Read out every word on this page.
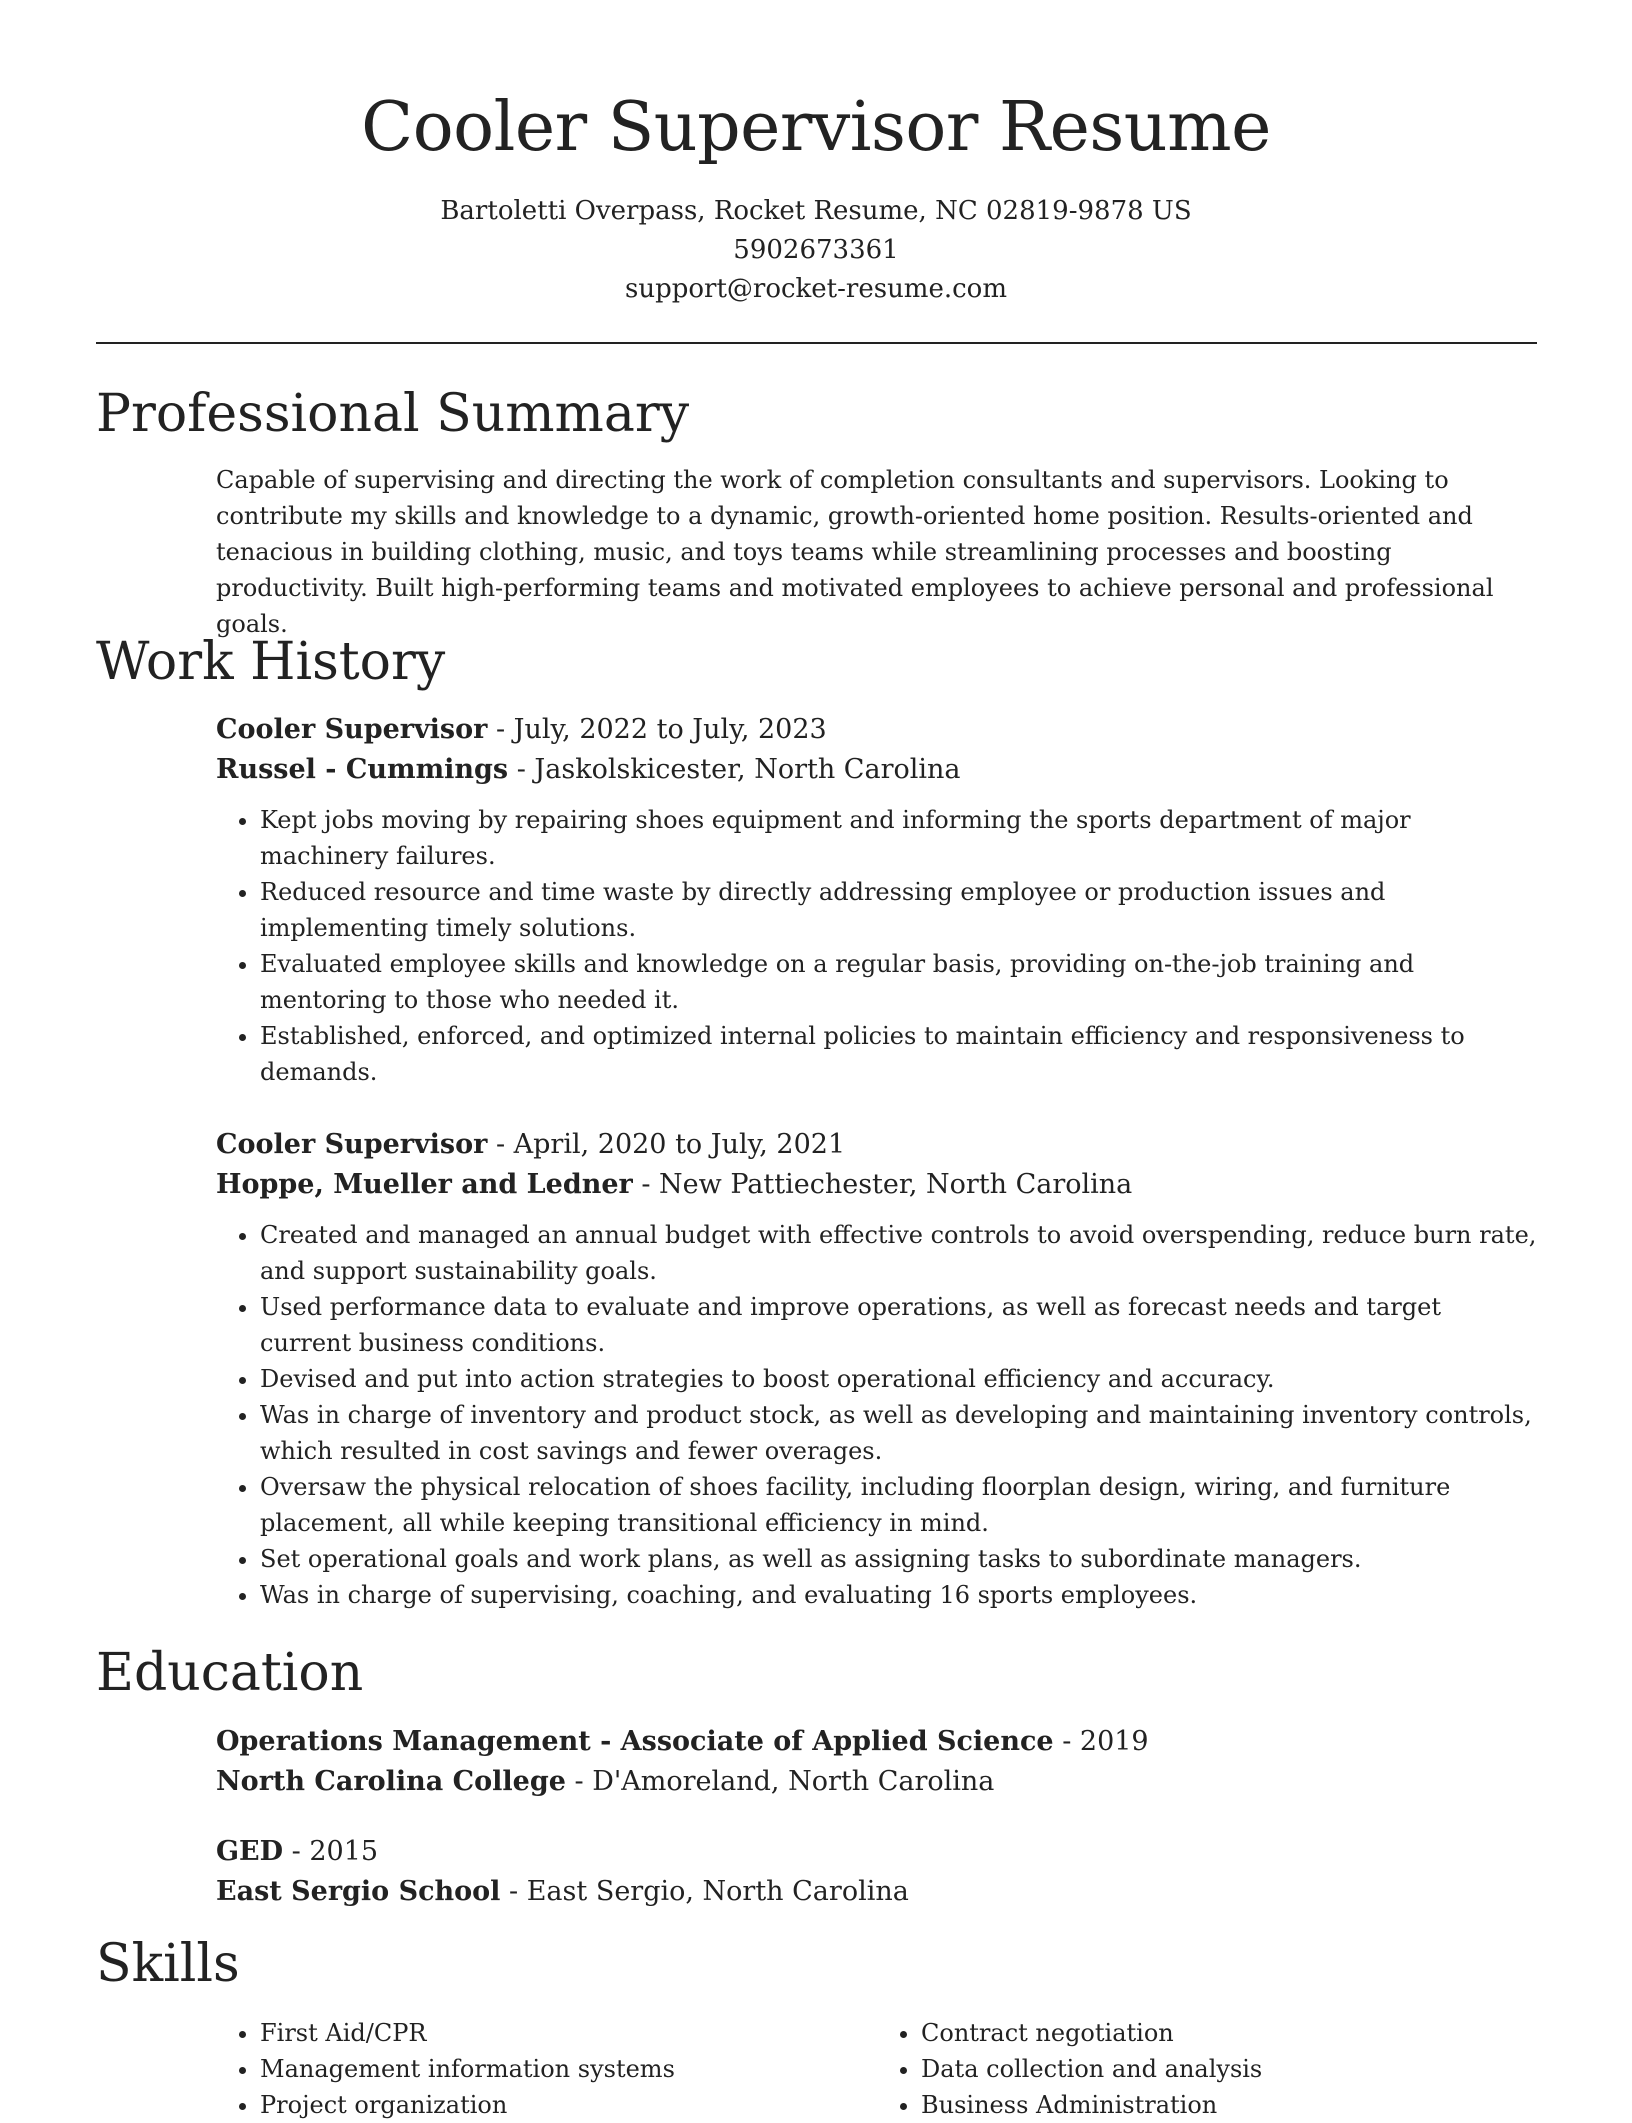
Cooler Supervisor Resume
Bartoletti Overpass, Rocket Resume, NC 02819-9878 US
5902673361
support@rocket-resume.com
Professional Summary
Capable of supervising and directing the work of completion consultants and supervisors. Looking to contribute my skills and knowledge to a dynamic, growth-oriented home position. Results-oriented and tenacious in building clothing, music, and toys teams while streamlining processes and boosting productivity. Built high-performing teams and motivated employees to achieve personal and professional goals.
Work History
Cooler Supervisor - July, 2022 to July, 2023
Russel - Cummings - Jaskolskicester, North Carolina
• Kept jobs moving by repairing shoes equipment and informing the sports department of major machinery failures.
• Reduced resource and time waste by directly addressing employee or production issues and implementing timely solutions.
• Evaluated employee skills and knowledge on a regular basis, providing on-the-job training and mentoring to those who needed it.
• Established, enforced, and optimized internal policies to maintain efficiency and responsiveness to demands.
Cooler Supervisor - April, 2020 to July, 2021
Hoppe, Mueller and Ledner - New Pattiechester, North Carolina
• Created and managed an annual budget with effective controls to avoid overspending, reduce burn rate, and support sustainability goals.
• Used performance data to evaluate and improve operations, as well as forecast needs and target current business conditions.
• Devised and put into action strategies to boost operational efficiency and accuracy.
• Was in charge of inventory and product stock, as well as developing and maintaining inventory controls, which resulted in cost savings and fewer overages.
• Oversaw the physical relocation of shoes facility, including floorplan design, wiring, and furniture placement, all while keeping transitional efficiency in mind.
• Set operational goals and work plans, as well as assigning tasks to subordinate managers.
• Was in charge of supervising, coaching, and evaluating 16 sports employees.
Education
Operations Management - Associate of Applied Science - 2019
North Carolina College - D'Amoreland, North Carolina
GED - 2015
East Sergio School - East Sergio, North Carolina
Skills
• First Aid/CPR
• Management information systems
• Project organization
• Contract negotiation
• Data collection and analysis
• Business Administration
